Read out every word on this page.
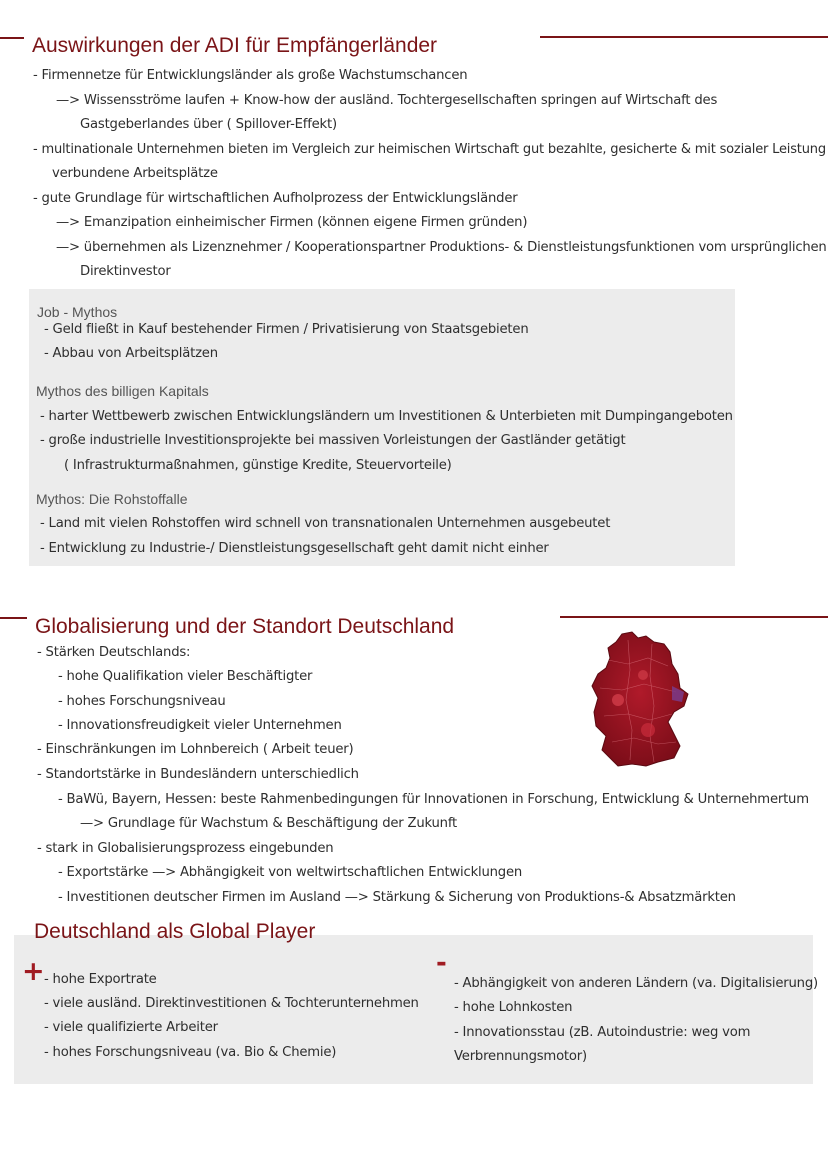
Auswirkungen der ADI für Empfängerländer
- Firmennetze für Entwicklungsländer als große Wachstumschancen
—> Wissensströme laufen + Know-how der ausländ. Tochtergesellschaften springen auf Wirtschaft des
Gastgeberlandes über ( Spillover-Effekt)
- multinationale Unternehmen bieten im Vergleich zur heimischen Wirtschaft gut bezahlte, gesicherte & mit sozialer Leistung
verbundene Arbeitsplätze
- gute Grundlage für wirtschaftlichen Aufholprozess der Entwicklungsländer
—> Emanzipation einheimischer Firmen (können eigene Firmen gründen)
—> übernehmen als Lizenznehmer / Kooperationspartner Produktions- & Dienstleistungsfunktionen vom ursprünglichen
Direktinvestor
Job - Mythos
- Geld fließt in Kauf bestehender Firmen / Privatisierung von Staatsgebieten
- Abbau von Arbeitsplätzen
Mythos des billigen Kapitals
- harter Wettbewerb zwischen Entwicklungsländern um Investitionen & Unterbieten mit Dumpingangeboten
- große industrielle Investitionsprojekte bei massiven Vorleistungen der Gastländer getätigt
( Infrastrukturmaßnahmen, günstige Kredite, Steuervorteile)
Mythos: Die Rohstoffalle
- Land mit vielen Rohstoffen wird schnell von transnationalen Unternehmen ausgebeutet
- Entwicklung zu Industrie-/ Dienstleistungsgesellschaft geht damit nicht einher
Globalisierung und der Standort Deutschland
- Stärken Deutschlands:
- hohe Qualifikation vieler Beschäftigter
- hohes Forschungsniveau
- Innovationsfreudigkeit vieler Unternehmen
- Einschränkungen im Lohnbereich ( Arbeit teuer)
- Standortstärke in Bundesländern unterschiedlich
- BaWü, Bayern, Hessen: beste Rahmenbedingungen für Innovationen in Forschung, Entwicklung & Unternehmertum
—> Grundlage für Wachstum & Beschäftigung der Zukunft
- stark in Globalisierungsprozess eingebunden
- Exportstärke —> Abhängigkeit von weltwirtschaftlichen Entwicklungen
- Investitionen deutscher Firmen im Ausland —> Stärkung & Sicherung von Produktions-& Absatzmärkten
Deutschland als Global Player
+ - hohe Exportrate
- viele ausländ. Direktinvestitionen & Tochterunternehmen
- viele qualifizierte Arbeiter
- hohes Forschungsniveau (va. Bio & Chemie)
-
- Abhängigkeit von anderen Ländern (va. Digitalisierung)
- hohe Lohnkosten
- Innovationsstau (zB. Autoindustrie: weg vom
Verbrennungsmotor)
